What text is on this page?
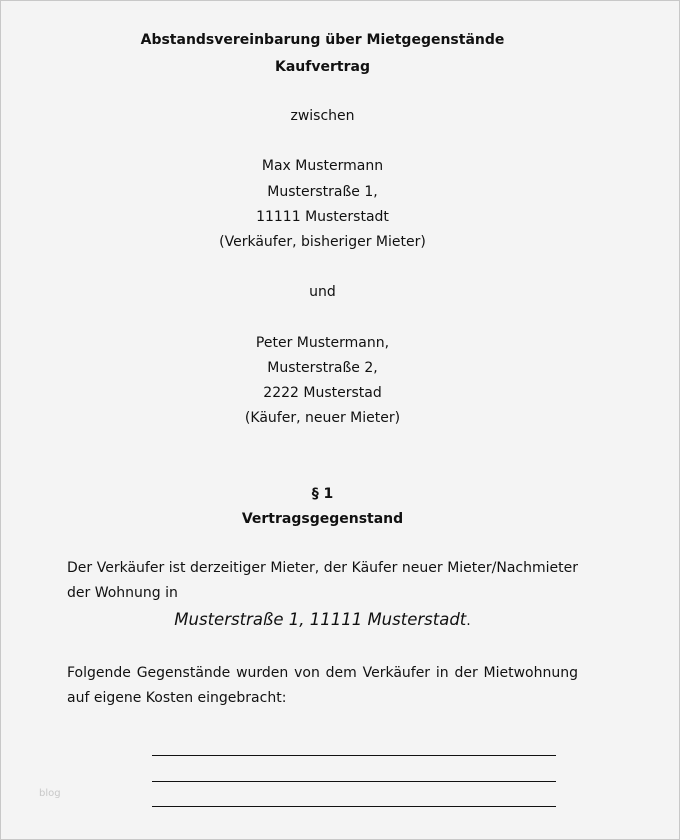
Abstandsvereinbarung über Mietgegenstände
Kaufvertrag
zwischen
Max Mustermann
Musterstraße 1,
11111 Musterstadt
(Verkäufer, bisheriger Mieter)
und
Peter Mustermann,
Musterstraße 2,
2222 Musterstad
(Käufer, neuer Mieter)
§ 1
Vertragsgegenstand
Der Verkäufer ist derzeitiger Mieter, der Käufer neuer Mieter/Nachmieter der Wohnung in
Musterstraße 1, 11111 Musterstadt.
Folgende Gegenstände wurden von dem Verkäufer in der Mietwohnung auf eigene Kosten eingebracht:
blog
